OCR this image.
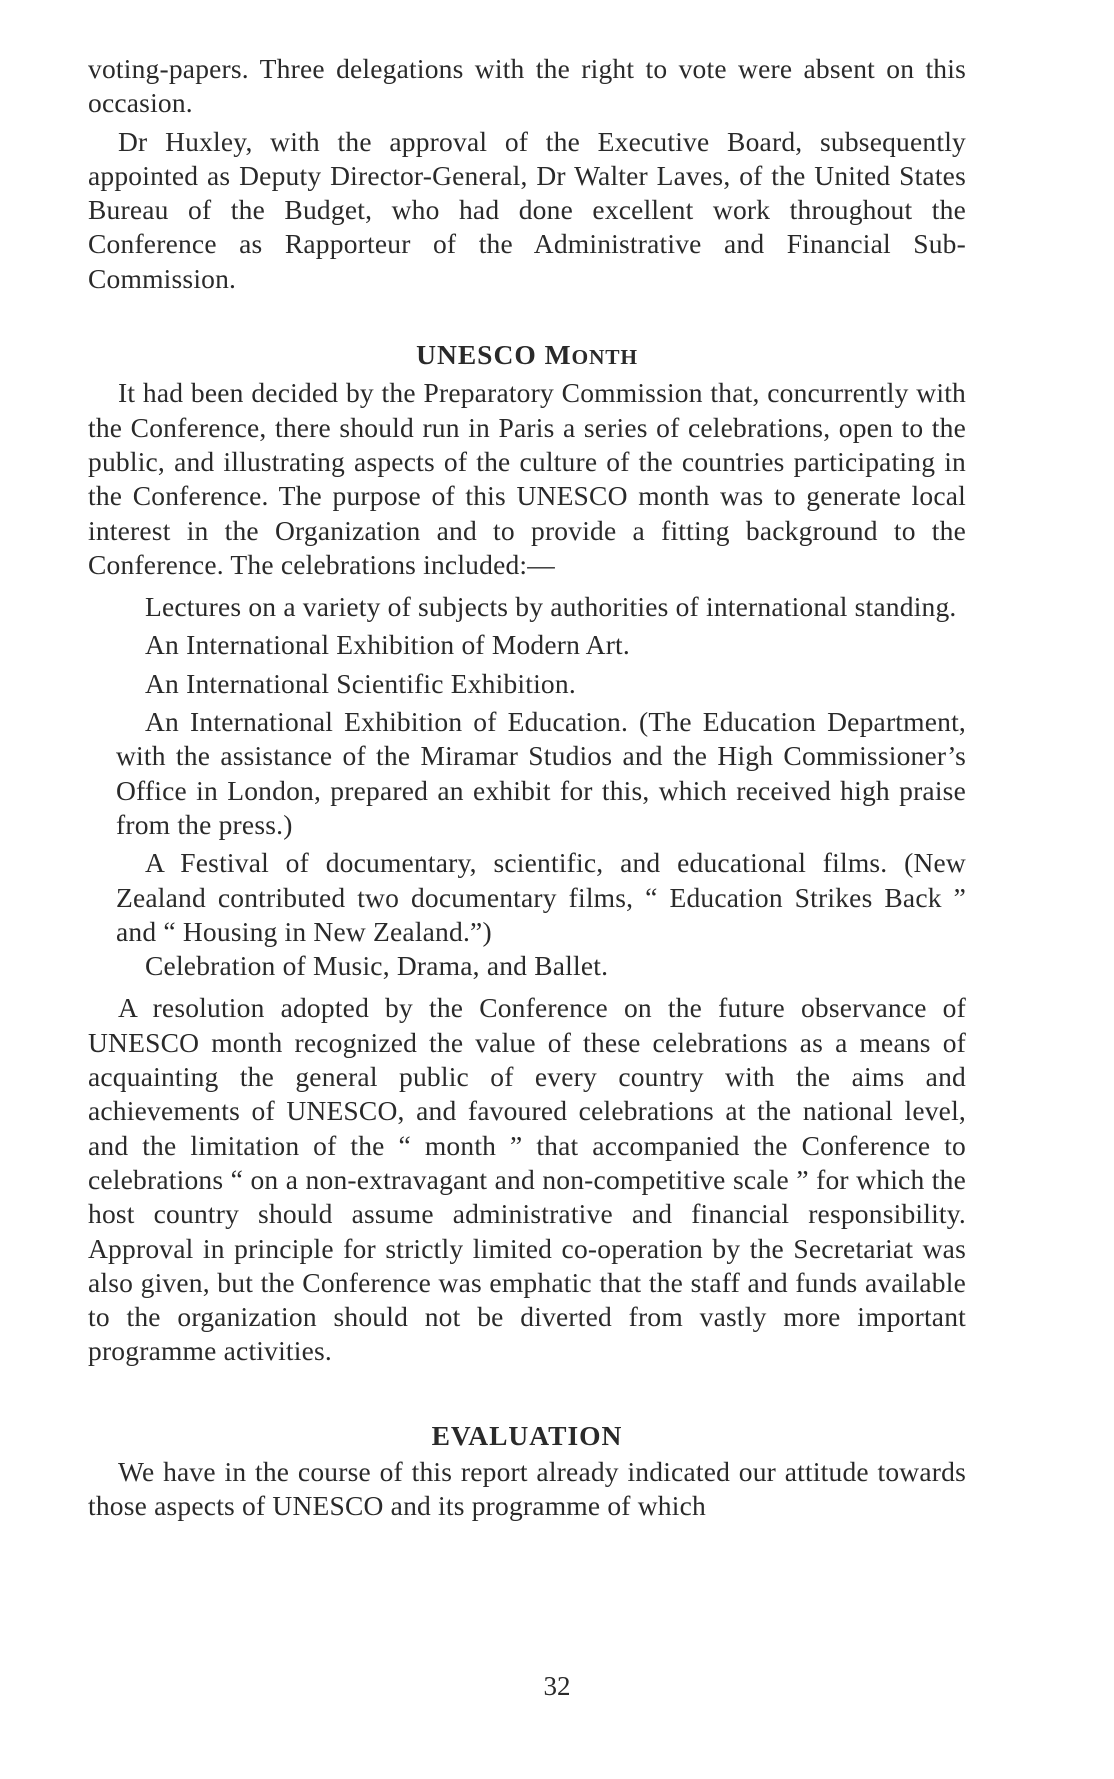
voting-papers. Three delegations with the right to vote were absent on this occasion.

Dr Huxley, with the approval of the Executive Board, subsequently appointed as Deputy Director-General, Dr Walter Laves, of the United States Bureau of the Budget, who had done excellent work throughout the Conference as Rapporteur of the Administrative and Financial Sub-Commission.

UNESCO MONTH

It had been decided by the Preparatory Commission that, concurrently with the Conference, there should run in Paris a series of celebrations, open to the public, and illustrating aspects of the culture of the countries participating in the Conference. The purpose of this UNESCO month was to generate local interest in the Organization and to provide a fitting background to the Conference. The celebrations included:—

Lectures on a variety of subjects by authorities of international standing.

An International Exhibition of Modern Art.

An International Scientific Exhibition.

An International Exhibition of Education. (The Education Department, with the assistance of the Miramar Studios and the High Commissioner’s Office in London, prepared an exhibit for this, which received high praise from the press.)

A Festival of documentary, scientific, and educational films. (New Zealand contributed two documentary films, “ Education Strikes Back ” and “ Housing in New Zealand.”)

Celebration of Music, Drama, and Ballet.

A resolution adopted by the Conference on the future observance of UNESCO month recognized the value of these celebrations as a means of acquainting the general public of every country with the aims and achievements of UNESCO, and favoured celebrations at the national level, and the limitation of the “ month ” that accompanied the Conference to celebrations “ on a non-extravagant and non-competitive scale ” for which the host country should assume administrative and financial responsibility. Approval in principle for strictly limited co-operation by the Secretariat was also given, but the Conference was emphatic that the staff and funds available to the organization should not be diverted from vastly more important programme activities.

EVALUATION

We have in the course of this report already indicated our attitude towards those aspects of UNESCO and its programme of which

32
